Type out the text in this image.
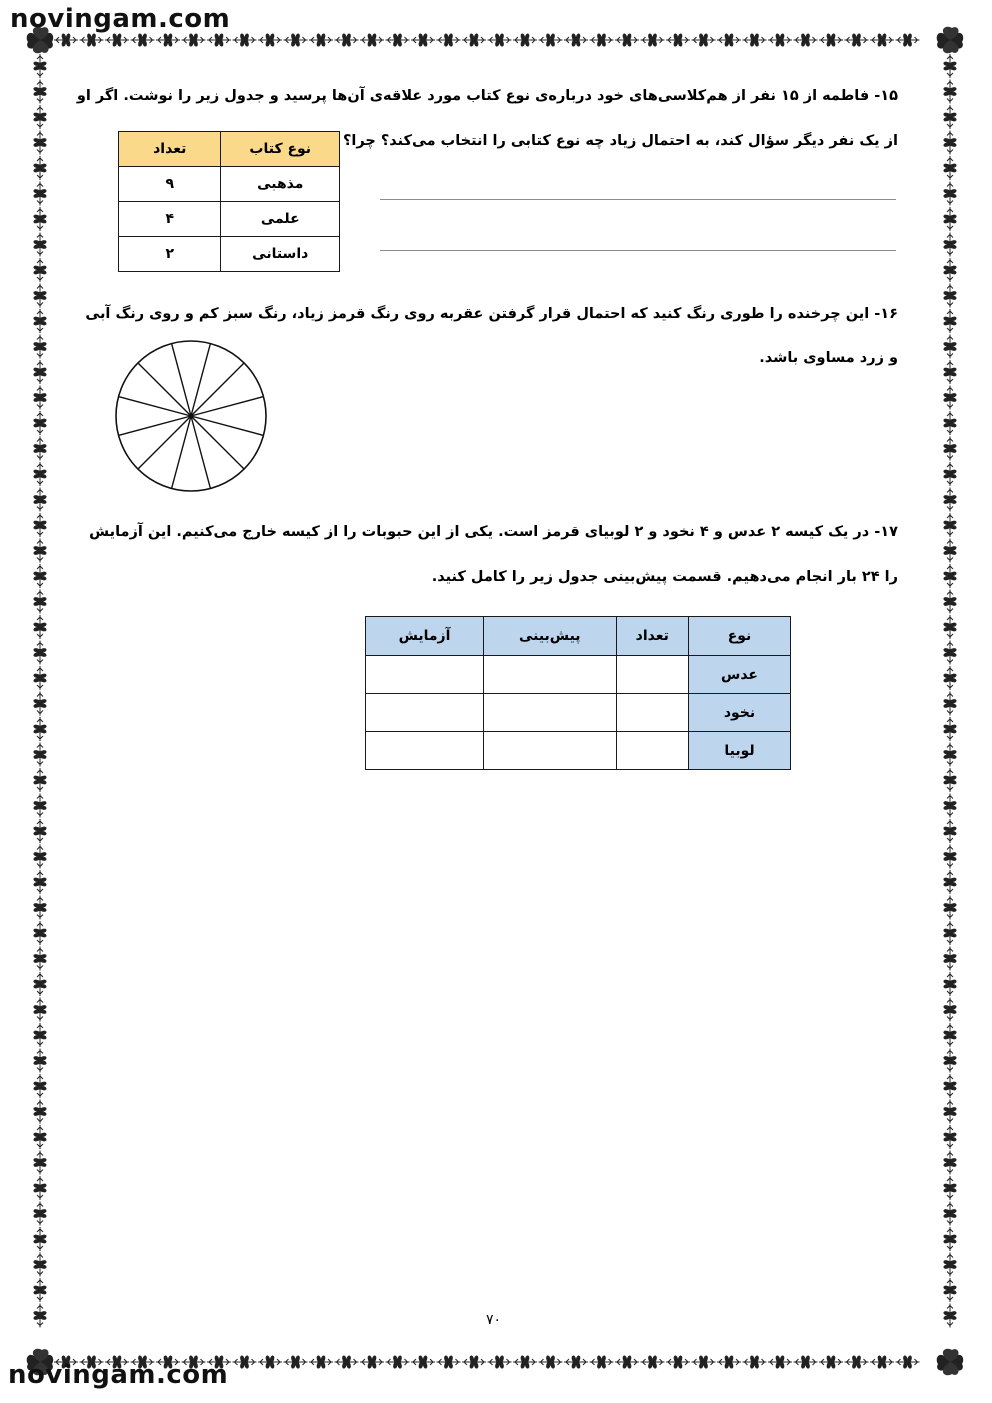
novingam.com
novingam.com
۱۵- فاطمه از ۱۵ نفر از هم‌کلاسی‌های خود درباره‌ی نوع کتاب مورد علاقه‌ی آن‌ها پرسید و جدول زیر را نوشت. اگر او
از یک نفر دیگر سؤال کند، به احتمال زیاد چه نوع کتابی را انتخاب می‌کند؟ چرا؟
نوع کتاب	تعداد
مذهبی	۹
علمی	۴
داستانی	۲
۱۶- این چرخنده را طوری رنگ کنید که احتمال قرار گرفتن عقربه روی رنگ قرمز زیاد، رنگ سبز کم و روی رنگ آبی
و زرد مساوی باشد.
۱۷- در یک کیسه ۲ عدس و ۴ نخود و ۲ لوبیای قرمز است. یکی از این حبوبات را از کیسه خارج می‌کنیم. این آزمایش
را ۲۴ بار انجام می‌دهیم. قسمت پیش‌بینی جدول زیر را کامل کنید.
نوع	تعداد	پیش‌بینی	آزمایش
عدس			
نخود			
لوبیا			
۷۰
